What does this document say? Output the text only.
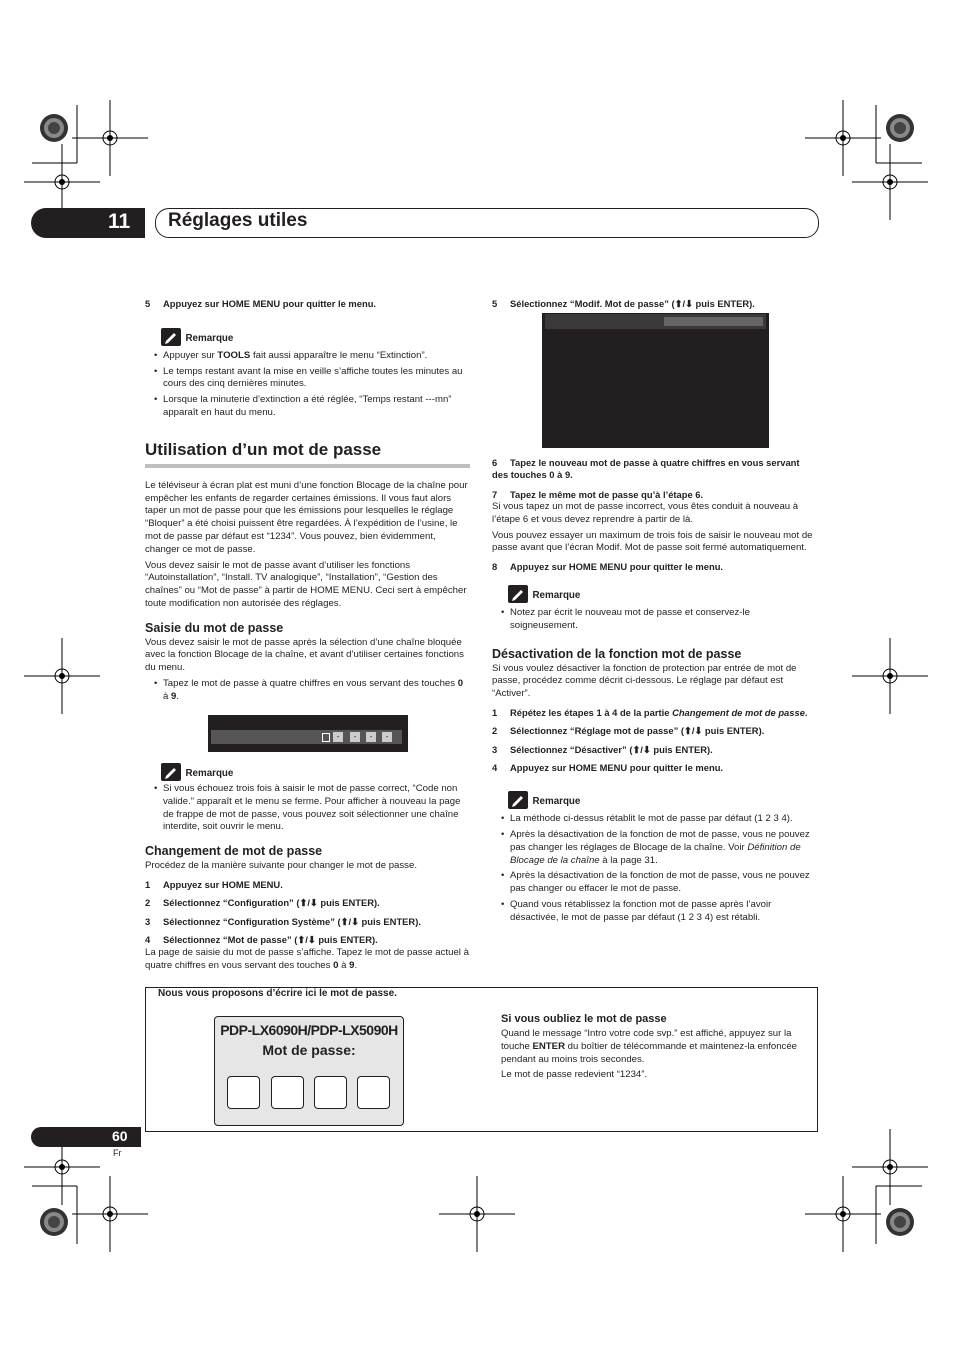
11 Réglages utiles

5 Appuyez sur HOME MENU pour quitter le menu.

Remarque

• Appuyer sur TOOLS fait aussi apparaître le menu “Extinction”.

• Le temps restant avant la mise en veille s’affiche toutes les minutes au cours des cinq dernières minutes.

• Lorsque la minuterie d’extinction a été réglée, “Temps restant ---mn” apparaît en haut du menu.

Utilisation d’un mot de passe

Le téléviseur à écran plat est muni d’une fonction Blocage de la chaîne pour empêcher les enfants de regarder certaines émissions. Il vous faut alors taper un mot de passe pour que les émissions pour lesquelles le réglage “Bloquer” a été choisi puissent être regardées. À l’expédition de l’usine, le mot de passe par défaut est “1234”. Vous pouvez, bien évidemment, changer ce mot de passe.

Vous devez saisir le mot de passe avant d’utiliser les fonctions “Autoinstallation”, “Install. TV analogique”, “Installation”, “Gestion des chaînes” ou “Mot de passe” à partir de HOME MENU. Ceci sert à empêcher toute modification non autorisée des réglages.

Saisie du mot de passe

Vous devez saisir le mot de passe après la sélection d’une chaîne bloquée avec la fonction Blocage de la chaîne, et avant d’utiliser certaines fonctions du menu.

• Tapez le mot de passe à quatre chiffres en vous servant des touches 0 à 9.

-	-	-	-
Remarque

• Si vous échouez trois fois à saisir le mot de passe correct, “Code non valide.” apparaît et le menu se ferme. Pour afficher à nouveau la page de frappe de mot de passe, vous pouvez soit sélectionner une chaîne interdite, soit ouvrir le menu.

Changement de mot de passe

Procédez de la manière suivante pour changer le mot de passe.

1 Appuyez sur HOME MENU.

2 Sélectionnez “Configuration” (⬆/⬇ puis ENTER).

3 Sélectionnez “Configuration Système” (⬆/⬇ puis ENTER).

4 Sélectionnez “Mot de passe” (⬆/⬇ puis ENTER).

La page de saisie du mot de passe s’affiche. Tapez le mot de passe actuel à quatre chiffres en vous servant des touches 0 à 9.

5 Sélectionnez “Modif. Mot de passe” (⬆/⬇ puis ENTER).

6 Tapez le nouveau mot de passe à quatre chiffres en vous servant des touches 0 à 9.

7 Tapez le même mot de passe qu’à l’étape 6.

Si vous tapez un mot de passe incorrect, vous êtes conduit à nouveau à l’étape 6 et vous devez reprendre à partir de là.

Vous pouvez essayer un maximum de trois fois de saisir le nouveau mot de passe avant que l’écran Modif. Mot de passe soit fermé automatiquement.

8 Appuyez sur HOME MENU pour quitter le menu.

Remarque

• Notez par écrit le nouveau mot de passe et conservez-le soigneusement.

Désactivation de la fonction mot de passe

Si vous voulez désactiver la fonction de protection par entrée de mot de passe, procédez comme décrit ci-dessous. Le réglage par défaut est “Activer”.

1 Répétez les étapes 1 à 4 de la partie Changement de mot de passe.

2 Sélectionnez “Réglage mot de passe” (⬆/⬇ puis ENTER).

3 Sélectionnez “Désactiver” (⬆/⬇ puis ENTER).

4 Appuyez sur HOME MENU pour quitter le menu.

Remarque

• La méthode ci-dessus rétablit le mot de passe par défaut (1 2 3 4).

• Après la désactivation de la fonction de mot de passe, vous ne pouvez pas changer les réglages de Blocage de la chaîne. Voir Définition de Blocage de la chaîne à la page 31.

• Après la désactivation de la fonction de mot de passe, vous ne pouvez pas changer ou effacer le mot de passe.

• Quand vous rétablissez la fonction mot de passe après l’avoir désactivée, le mot de passe par défaut (1 2 3 4) est rétabli.

Nous vous proposons d’écrire ici le mot de passe.
PDP-LX6090H/PDP-LX5090H
Mot de passe:
Si vous oubliez le mot de passe

Quand le message “Intro votre code svp.” est affiché, appuyez sur la touche ENTER du boîtier de télécommande et maintenez-la enfoncée pendant au moins trois secondes.

Le mot de passe redevient “1234”.

60
Fr
